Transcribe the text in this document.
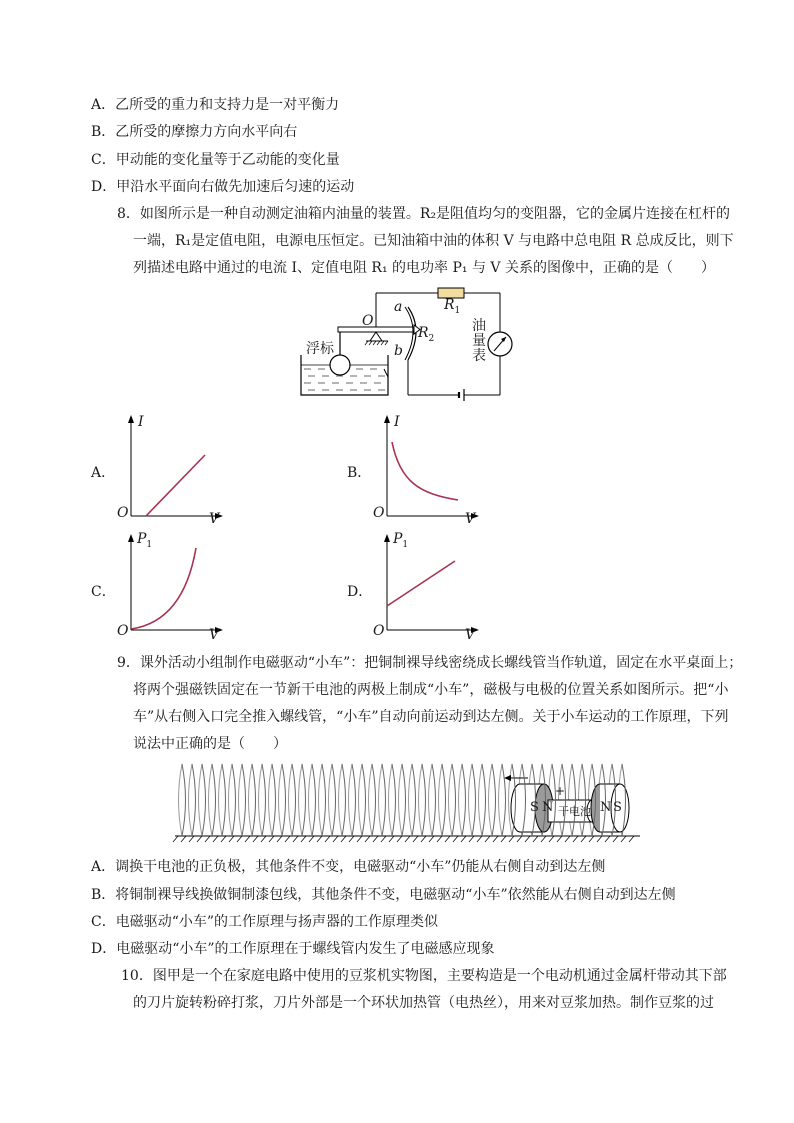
A．乙所受的重力和支持力是一对平衡力
B．乙所受的摩擦力方向水平向右
C．甲动能的变化量等于乙动能的变化量
D．甲沿水平面向右做先加速后匀速的运动
8．如图所示是一种自动测定油箱内油量的装置。R₂是阻值均匀的变阻器，它的金属片连接在杠杆的
一端，R₁是定值电阻，电源电压恒定。已知油箱中油的体积 V 与电路中总电阻 R 总成反比，则下
列描述电路中通过的电流 I、定值电阻 R₁ 的电功率 P₁ 与 V 关系的图像中，正确的是（　　）
浮标
O
a
b
$R_1$
$R_2$
油
量
表
A．
I
O	V
B．
I
O	V
C．
$P_1$
O	V
D．
$P_1$
O	V
9．课外活动小组制作电磁驱动“小车”：把铜制裸导线密绕成长螺线管当作轨道，固定在水平桌面上；
将两个强磁铁固定在一节新干电池的两极上制成“小车”，磁极与电极的位置关系如图所示。把“小
车”从右侧入口完全推入螺线管，“小车”自动向前运动到达左侧。关于小车运动的工作原理，下列
说法中正确的是（　　）
S N
+
干电池 N S
A．调换干电池的正负极，其他条件不变，电磁驱动“小车”仍能从右侧自动到达左侧
B．将铜制裸导线换做铜制漆包线，其他条件不变，电磁驱动“小车”依然能从右侧自动到达左侧
C．电磁驱动“小车”的工作原理与扬声器的工作原理类似
D．电磁驱动“小车”的工作原理在于螺线管内发生了电磁感应现象
10．图甲是一个在家庭电路中使用的豆浆机实物图，主要构造是一个电动机通过金属杆带动其下部
的刀片旋转粉碎打浆，刀片外部是一个环状加热管（电热丝），用来对豆浆加热。制作豆浆的过
